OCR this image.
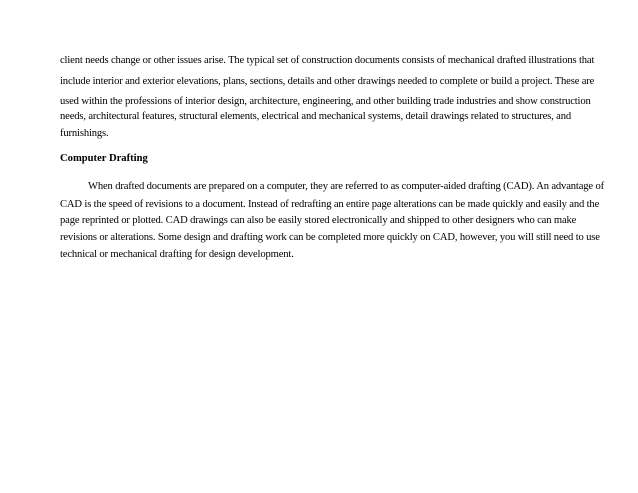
client needs change or other issues arise. The typical set of construction documents consists of mechanical drafted illustrations that
include interior and exterior elevations, plans, sections, details and other drawings needed to complete or build a project. These are
used within the professions of interior design, architecture, engineering, and other building trade industries and show construction
needs, architectural features, structural elements, electrical and mechanical systems, detail drawings related to structures, and
furnishings.
Computer Drafting
When drafted documents are prepared on a computer, they are referred to as computer-aided drafting (CAD). An advantage of
CAD is the speed of revisions to a document. Instead of redrafting an entire page alterations can be made quickly and easily and the
page reprinted or plotted. CAD drawings can also be easily stored electronically and shipped to other designers who can make
revisions or alterations. Some design and drafting work can be completed more quickly on CAD, however, you will still need to use
technical or mechanical drafting for design development.
